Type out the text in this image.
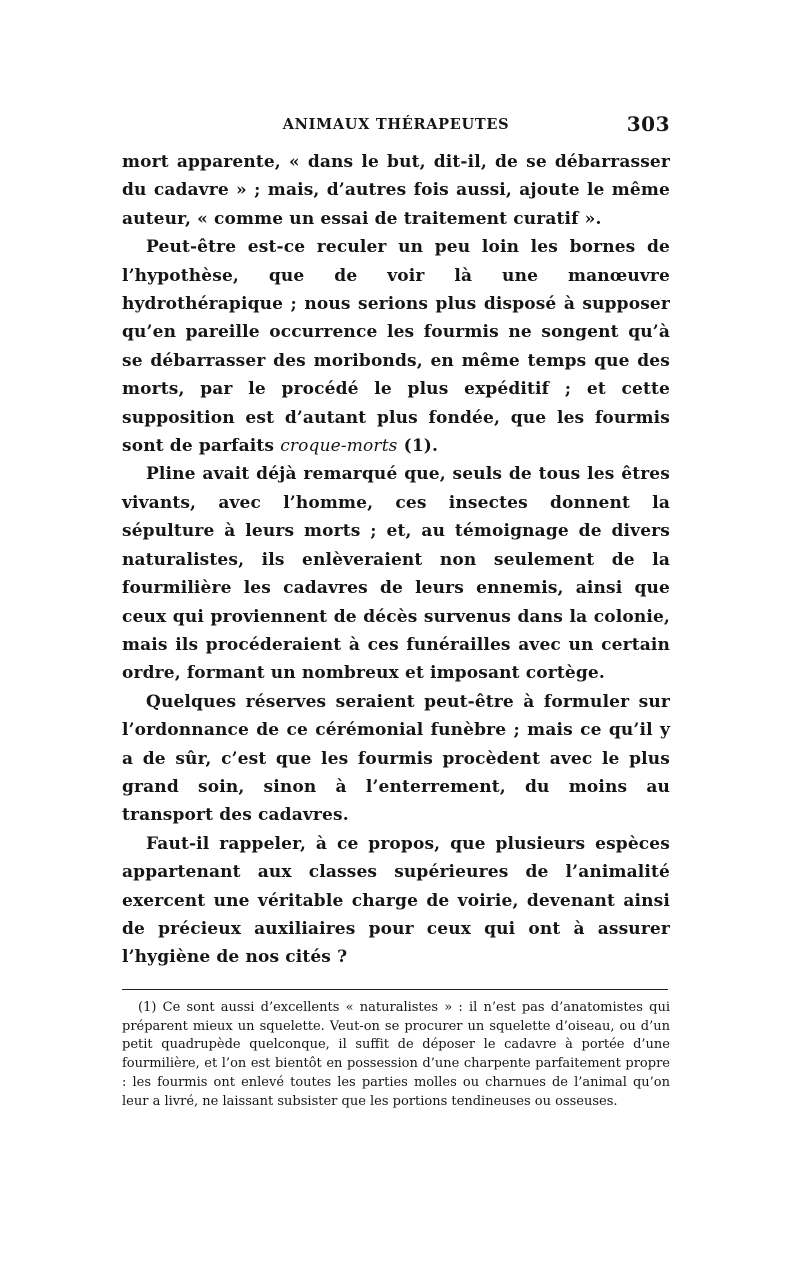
ANIMAUX THÉRAPEUTES	303

mort apparente, « dans le but, dit-il, de se débarrasser du cadavre » ; mais, d’autres fois aussi, ajoute le même auteur, « comme un essai de traitement curatif ».

Peut-être est-ce reculer un peu loin les bornes de l’hypothèse, que de voir là une manœuvre hydrothérapique ; nous serions plus disposé à supposer qu’en pareille occurrence les fourmis ne songent qu’à se débarrasser des moribonds, en même temps que des morts, par le procédé le plus expéditif ; et cette supposition est d’autant plus fondée, que les fourmis sont de parfaits croque-morts (1).

Pline avait déjà remarqué que, seuls de tous les êtres vivants, avec l’homme, ces insectes donnent la sépulture à leurs morts ; et, au témoignage de divers naturalistes, ils enlèveraient non seulement de la fourmilière les cadavres de leurs ennemis, ainsi que ceux qui proviennent de décès survenus dans la colonie, mais ils procéderaient à ces funérailles avec un certain ordre, formant un nombreux et imposant cortège.

Quelques réserves seraient peut-être à formuler sur l’ordonnance de ce cérémonial funèbre ; mais ce qu’il y a de sûr, c’est que les fourmis procèdent avec le plus grand soin, sinon à l’enterrement, du moins au transport des cadavres.

Faut-il rappeler, à ce propos, que plusieurs espèces appartenant aux classes supérieures de l’animalité exercent une véritable charge de voirie, devenant ainsi de précieux auxiliaires pour ceux qui ont à assurer l’hygiène de nos cités ?

(1) Ce sont aussi d’excellents « naturalistes » : il n’est pas d’anatomistes qui préparent mieux un squelette. Veut-on se procurer un squelette d’oiseau, ou d’un petit quadrupède quelconque, il suffit de déposer le cadavre à portée d’une fourmilière, et l’on est bientôt en possession d’une charpente parfaitement propre : les fourmis ont enlevé toutes les parties molles ou charnues de l’animal qu’on leur a livré, ne laissant subsister que les portions tendineuses ou osseuses.
